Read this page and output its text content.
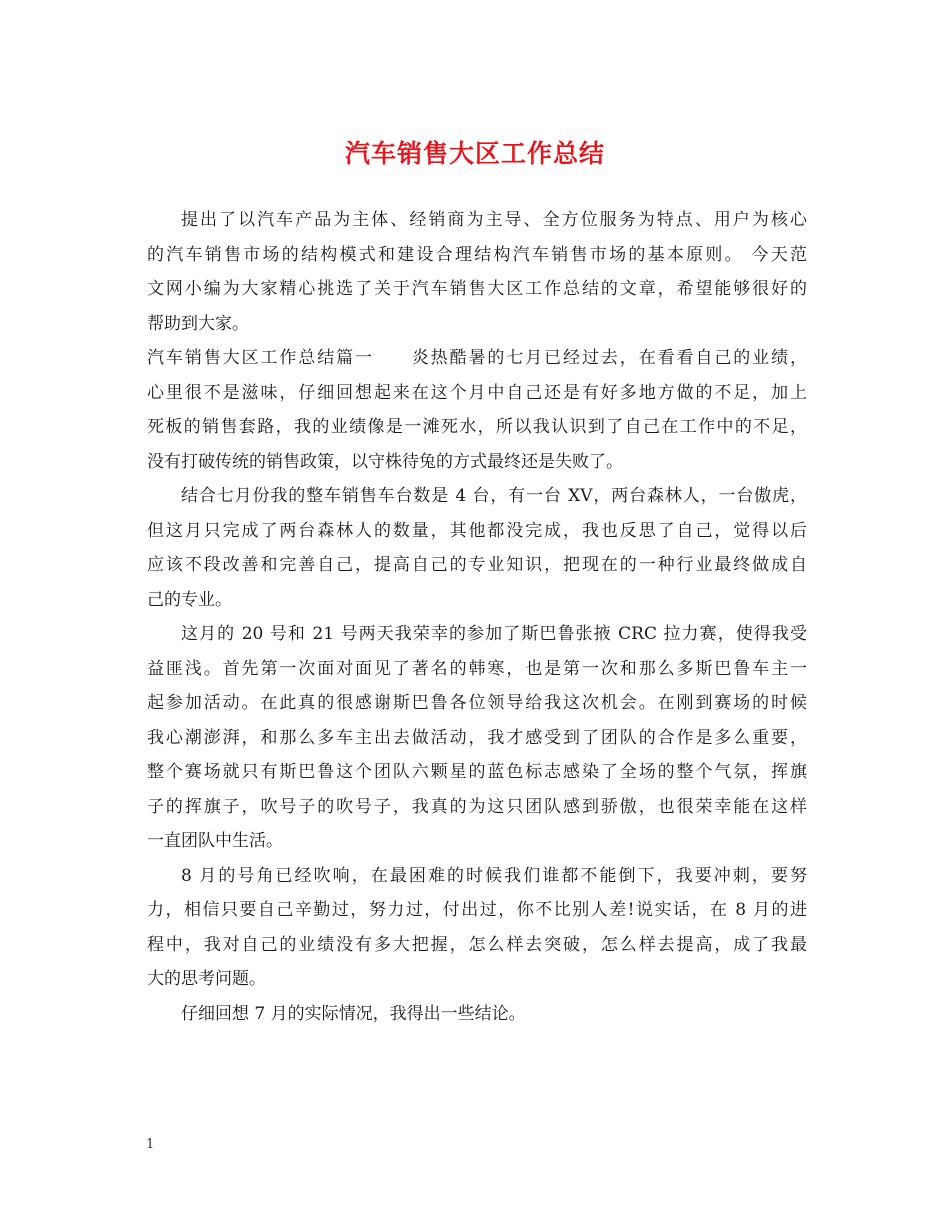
汽车销售大区工作总结
提出了以汽车产品为主体、经销商为主导、全方位服务为特点、用户为核心
的汽车销售市场的结构模式和建设合理结构汽车销售市场的基本原则。 今天范
文网小编为大家精心挑选了关于汽车销售大区工作总结的文章，希望能够很好的
帮助到大家。
汽车销售大区工作总结篇一　　炎热酷暑的七月已经过去，在看看自己的业绩，
心里很不是滋味，仔细回想起来在这个月中自己还是有好多地方做的不足，加上
死板的销售套路，我的业绩像是一滩死水，所以我认识到了自己在工作中的不足，
没有打破传统的销售政策，以守株待兔的方式最终还是失败了。
结合七月份我的整车销售车台数是 4 台，有一台 XV，两台森林人，一台傲虎，
但这月只完成了两台森林人的数量，其他都没完成，我也反思了自己，觉得以后
应该不段改善和完善自己，提高自己的专业知识，把现在的一种行业最终做成自
己的专业。
这月的 20 号和 21 号两天我荣幸的参加了斯巴鲁张掖 CRC 拉力赛，使得我受
益匪浅。首先第一次面对面见了著名的韩寒，也是第一次和那么多斯巴鲁车主一
起参加活动。在此真的很感谢斯巴鲁各位领导给我这次机会。在刚到赛场的时候
我心潮澎湃，和那么多车主出去做活动，我才感受到了团队的合作是多么重要，
整个赛场就只有斯巴鲁这个团队六颗星的蓝色标志感染了全场的整个气氛，挥旗
子的挥旗子，吹号子的吹号子，我真的为这只团队感到骄傲，也很荣幸能在这样
一直团队中生活。
8 月的号角已经吹响，在最困难的时候我们谁都不能倒下，我要冲刺，要努
力，相信只要自己辛勤过，努力过，付出过，你不比别人差!说实话，在 8 月的进
程中，我对自己的业绩没有多大把握，怎么样去突破，怎么样去提高，成了我最
大的思考问题。
仔细回想 7 月的实际情况，我得出一些结论。
1
